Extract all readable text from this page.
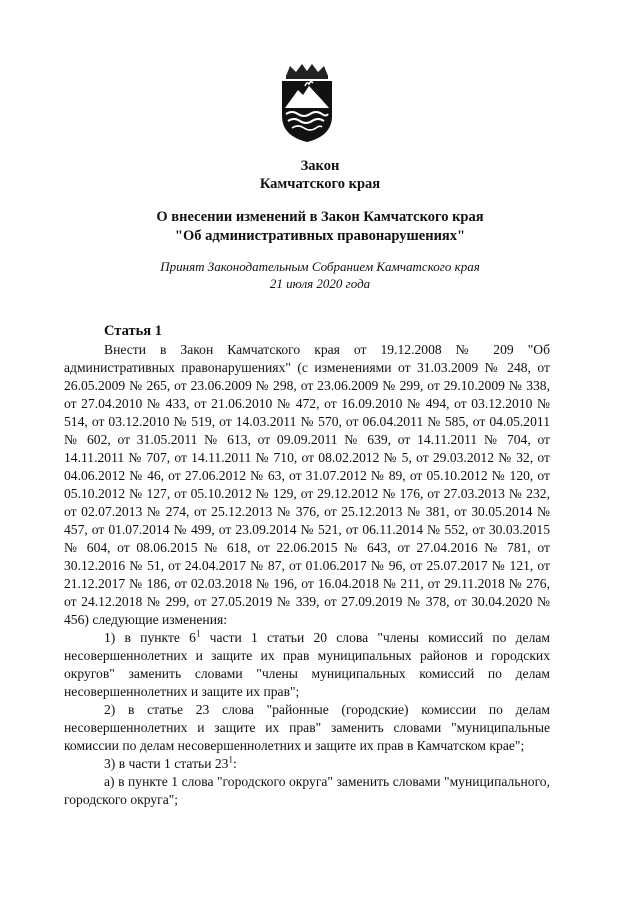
Закон
Камчатского края
О внесении изменений в Закон Камчатского края
"Об административных правонарушениях"
Принят Законодательным Собранием Камчатского края
21 июля 2020 года

Статья 1

Внести в Закон Камчатского края от 19.12.2008 № 209 "Об административных правонарушениях" (с изменениями от 31.03.2009 № 248, от 26.05.2009 № 265, от 23.06.2009 № 298, от 23.06.2009 № 299, от 29.10.2009 № 338, от 27.04.2010 № 433, от 21.06.2010 № 472, от 16.09.2010 № 494, от 03.12.2010 № 514, от 03.12.2010 № 519, от 14.03.2011 № 570, от 06.04.2011 № 585, от 04.05.2011 № 602, от 31.05.2011 № 613, от 09.09.2011 № 639, от 14.11.2011 № 704, от 14.11.2011 № 707, от 14.11.2011 № 710, от 08.02.2012 № 5, от 29.03.2012 № 32, от 04.06.2012 № 46, от 27.06.2012 № 63, от 31.07.2012 № 89, от 05.10.2012 № 120, от 05.10.2012 № 127, от 05.10.2012 № 129, от 29.12.2012 № 176, от 27.03.2013 № 232, от 02.07.2013 № 274, от 25.12.2013 № 376, от 25.12.2013 № 381, от 30.05.2014 № 457, от 01.07.2014 № 499, от 23.09.2014 № 521, от 06.11.2014 № 552, от 30.03.2015 № 604, от 08.06.2015 № 618, от 22.06.2015 № 643, от 27.04.2016 № 781, от 30.12.2016 № 51, от 24.04.2017 № 87, от 01.06.2017 № 96, от 25.07.2017 № 121, от 21.12.2017 № 186, от 02.03.2018 № 196, от 16.04.2018 № 211, от 29.11.2018 № 276, от 24.12.2018 № 299, от 27.05.2019 № 339, от 27.09.2019 № 378, от 30.04.2020 № 456) следующие изменения:

1) в пункте $6^1$ части 1 статьи 20 слова "члены комиссий по делам несовершеннолетних и защите их прав муниципальных районов и городских округов" заменить словами "члены муниципальных комиссий по делам несовершеннолетних и защите их прав";

2) в статье 23 слова "районные (городские) комиссии по делам несовершеннолетних и защите их прав" заменить словами "муниципальные комиссии по делам несовершеннолетних и защите их прав в Камчатском крае";

3) в части 1 статьи $23^1$:

а) в пункте 1 слова "городского округа" заменить словами "муниципального, городского округа";
